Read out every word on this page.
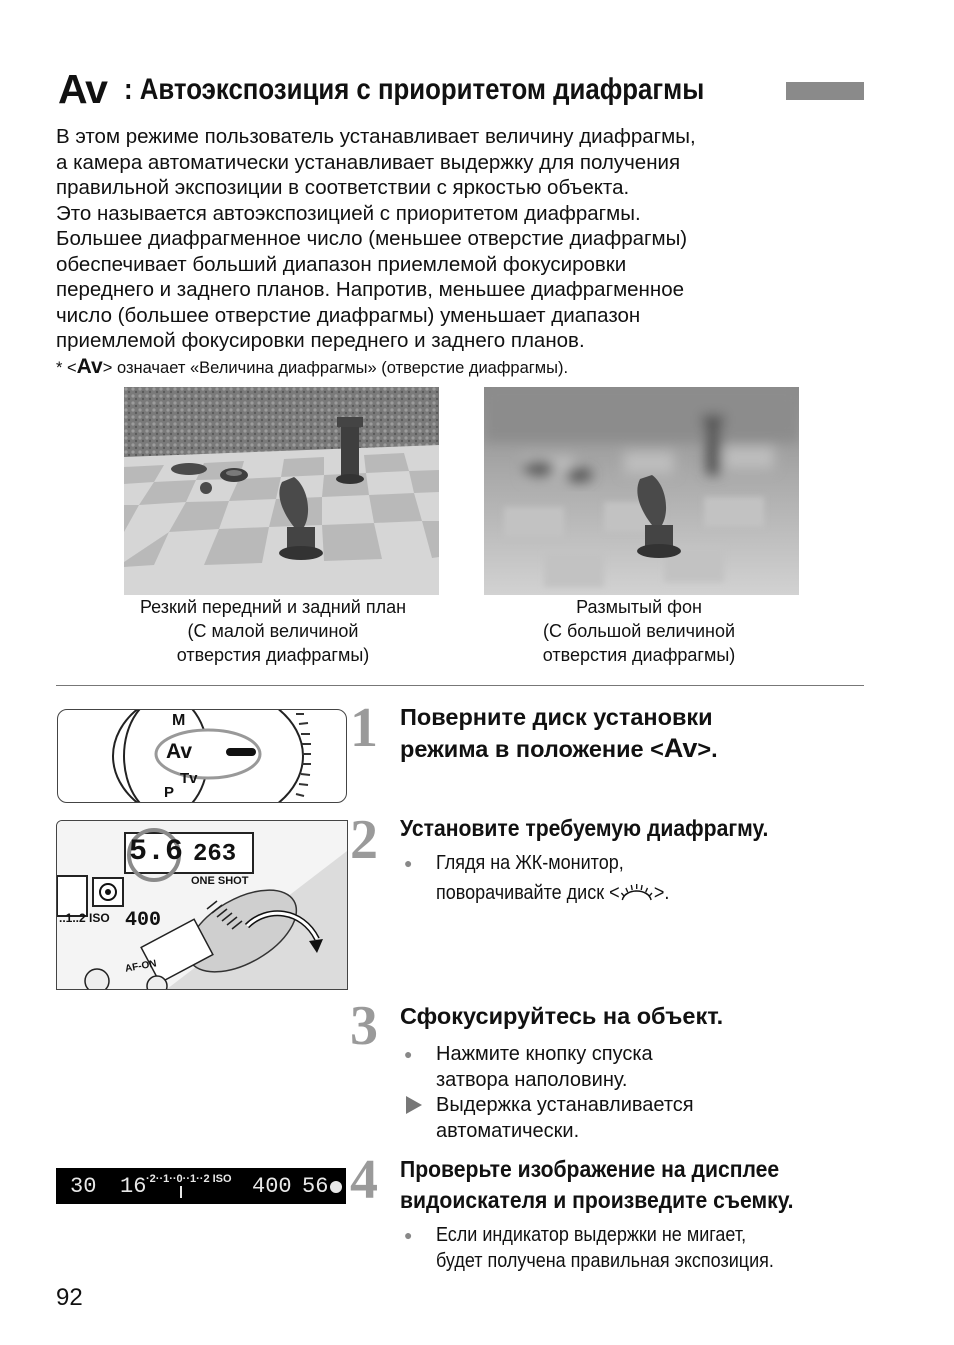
Av : Автоэкспозиция с приоритетом диафрагмы

В этом режиме пользователь устанавливает величину диафрагмы,

а камера автоматически устанавливает выдержку для получения

правильной экспозиции в соответствии с яркостью объекта.

Это называется автоэкспозицией с приоритетом диафрагмы.

Большее диафрагменное число (меньшее отверстие диафрагмы)

обеспечивает больший диапазон приемлемой фокусировки

переднего и заднего планов. Напротив, меньшее диафрагменное

число (большее отверстие диафрагмы) уменьшает диапазон

приемлемой фокусировки переднего и заднего планов.

* <Av> означает «Величина диафрагмы» (отверстие диафрагмы).
Резкий передний и задний план
(С малой величиной
отверстия диафрагмы)
Размытый фон
(С большой величиной
отверстия диафрагмы)
Av
M
Tv
P
5.6 263
ONE SHOT
..1..2 ISO 400
AF-ON
30 16 ·2··1··0··1··2 ISO 400 56
1 Поверните диск установки
режима в положение <Av>.
2 Установите требуемую диафрагму.
● Глядя на ЖК-монитор,
поворачивайте диск < >.
3 Сфокусируйтесь на объект.
● Нажмите кнопку спуска
затвора наполовину.
Выдержка устанавливается
автоматически.
4 Проверьте изображение на дисплее
видоискателя и произведите съемку.
● Если индикатор выдержки не мигает,
будет получена правильная экспозиция.
92
